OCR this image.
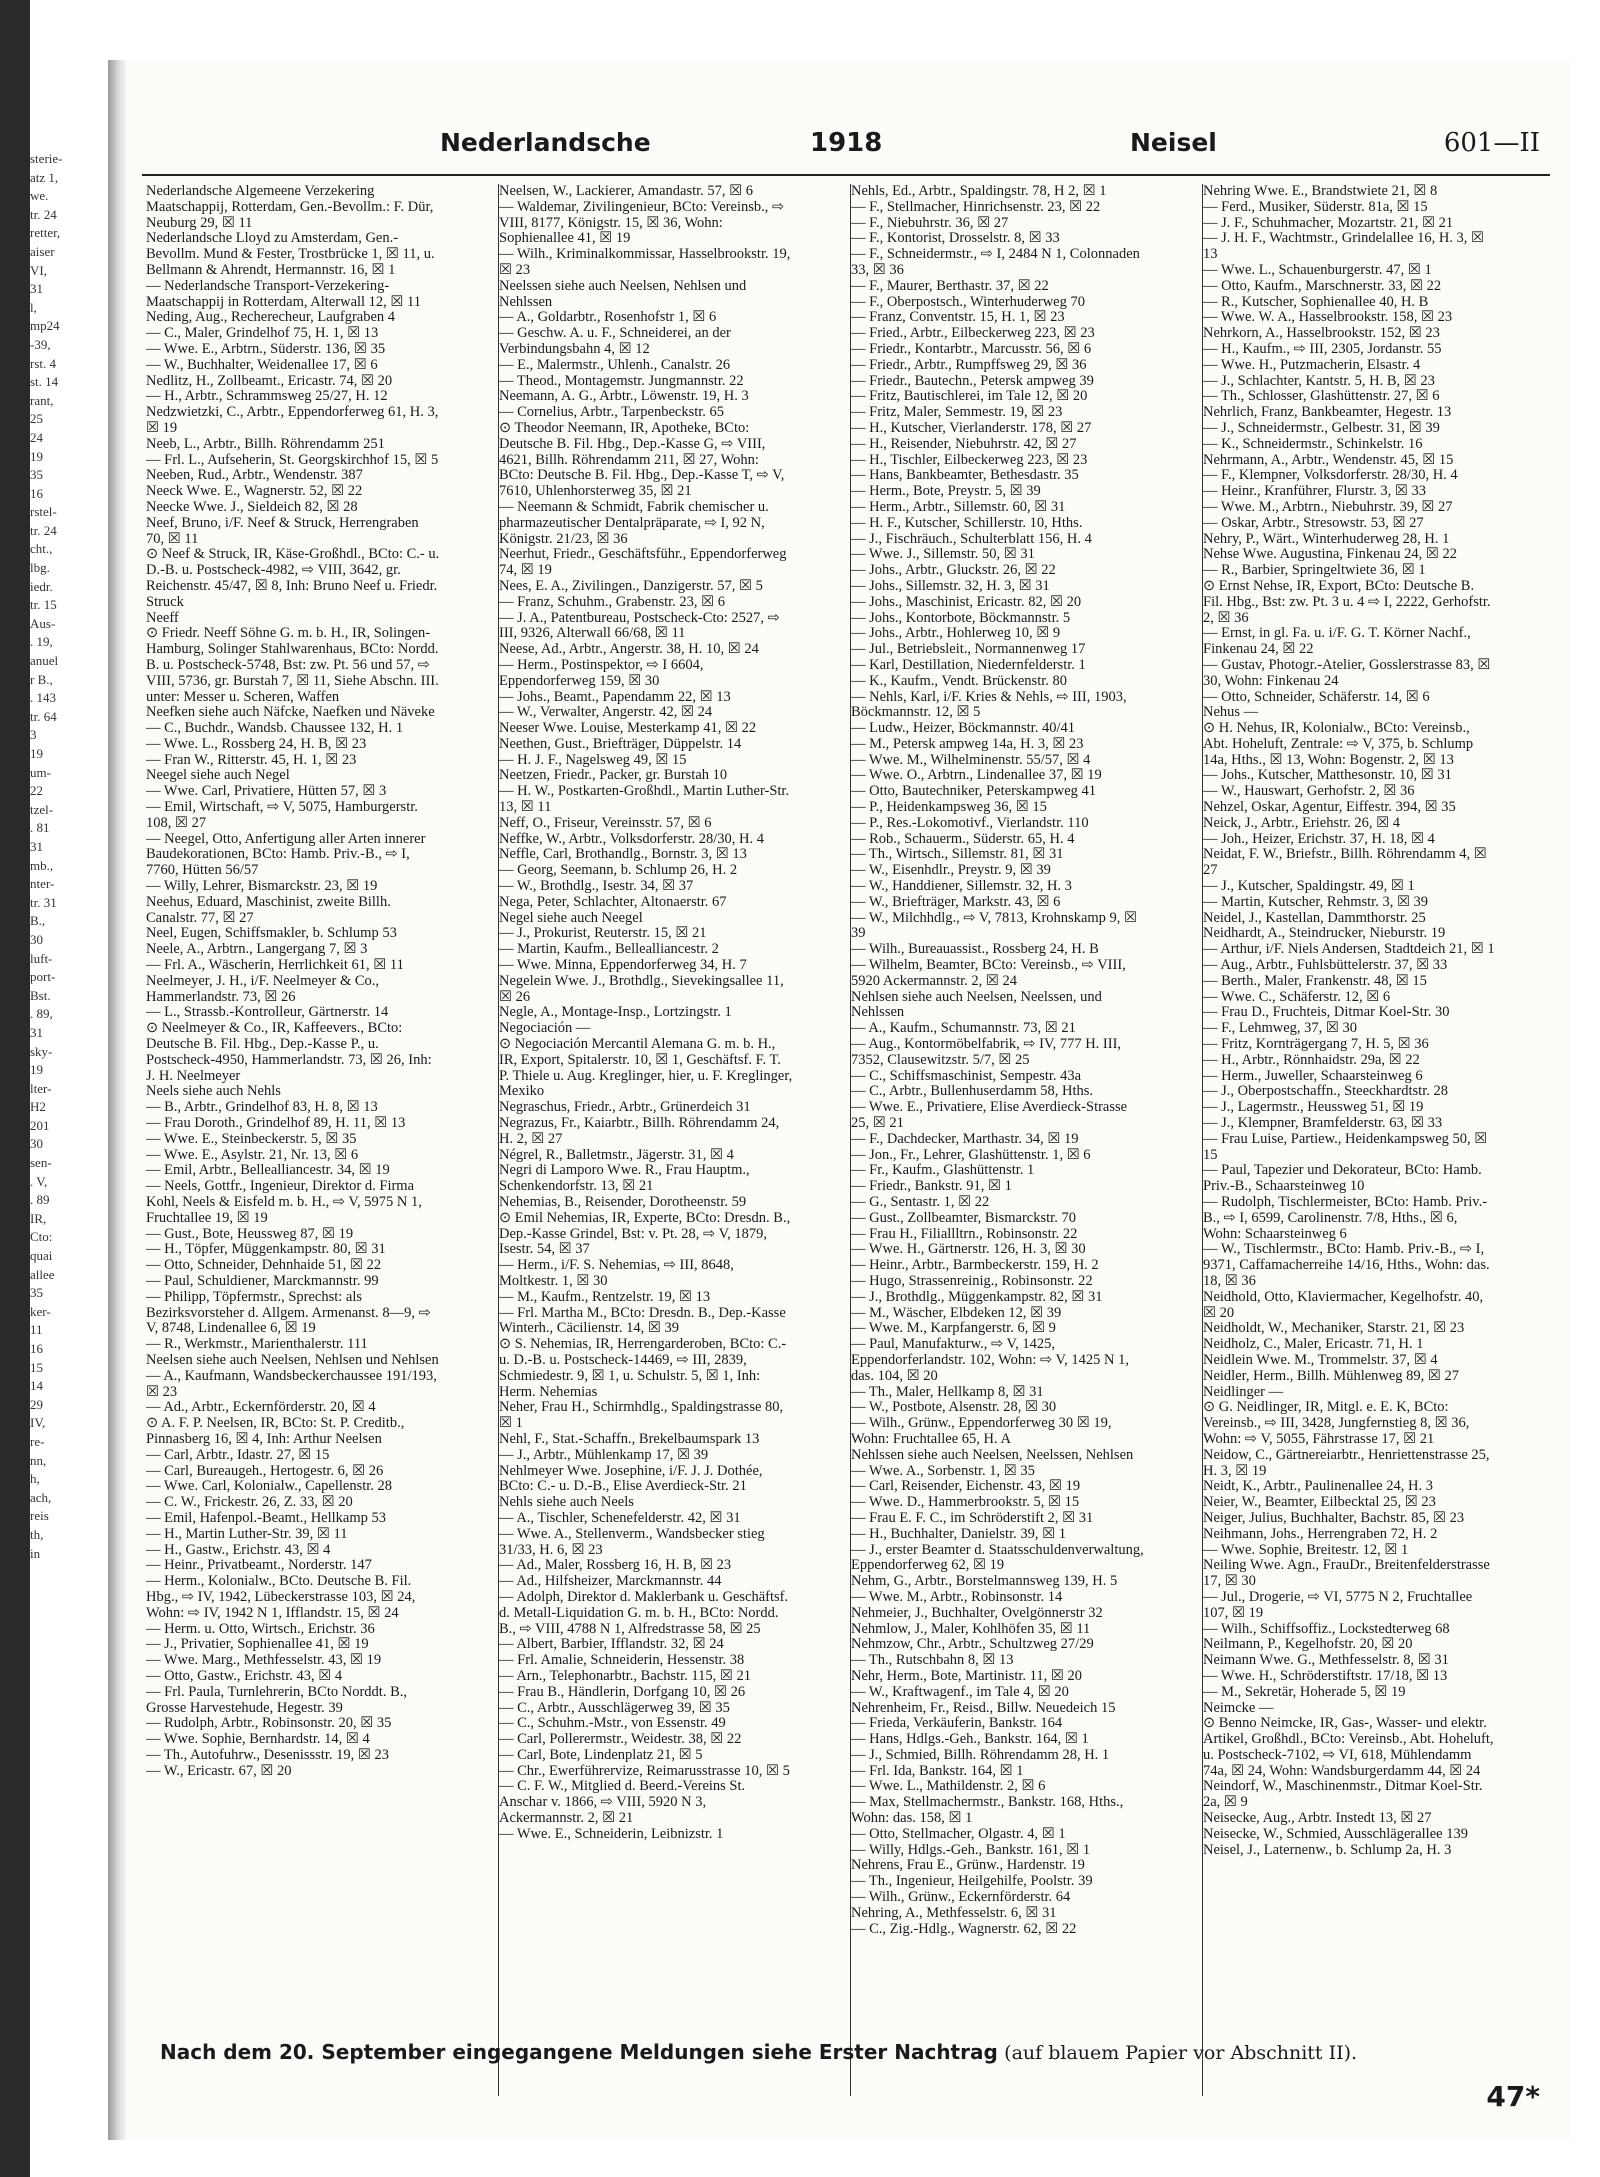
sterie-
atz 1,
we.
tr. 24
retter,
aiser
VI,
31
l,
mp24
-39,
rst. 4
st. 14
rant,
25
24
19
35
16
rstel-
tr. 24
cht.,
lbg.
iedr.
tr. 15
Aus-
. 19,
anuel
r B.,
. 143
tr. 64
3
19
um-
22
tzel-
. 81
31
mb.,
nter-
tr. 31
B.,
30
luft-
port-
Bst.
. 89,
31
sky-
19
lter-
H2
201
30
sen-
. V,
. 89
IR,
Cto:
quai
allee
35
ker-
11
16
15
14
29
IV,
re-
nn,
h,
ach,
reis
th,
in
Nederlandsche	1918	Neisel	601—II

Nederlandsche Algemeene Verzekering Maatschappij, Rotterdam, Gen.-Bevollm.: F. Dür, Neuburg 29, ☒ 11

Nederlandsche Lloyd zu Amsterdam, Gen.-Bevollm. Mund & Fester, Trostbrücke 1, ☒ 11, u. Bellmann & Ahrendt, Hermannstr. 16, ☒ 1

— Nederlandsche Transport-Verzekering-Maatschappij in Rotterdam, Alterwall 12, ☒ 11

Neding, Aug., Recherecheur, Laufgraben 4

— C., Maler, Grindelhof 75, H. 1, ☒ 13

— Wwe. E., Arbtrn., Süderstr. 136, ☒ 35

— W., Buchhalter, Weidenallee 17, ☒ 6

Nedlitz, H., Zollbeamt., Ericastr. 74, ☒ 20

— H., Arbtr., Schrammsweg 25/27, H. 12

Nedzwietzki, C., Arbtr., Eppendorferweg 61, H. 3, ☒ 19

Neeb, L., Arbtr., Billh. Röhrendamm 251

— Frl. L., Aufseherin, St. Georgskirchhof 15, ☒ 5

Neeben, Rud., Arbtr., Wendenstr. 387

Neeck Wwe. E., Wagnerstr. 52, ☒ 22

Neecke Wwe. J., Sieldeich 82, ☒ 28

Neef, Bruno, i/F. Neef & Struck, Herrengraben 70, ☒ 11

⊙ Neef & Struck, IR, Käse-Großhdl., BCto: C.- u. D.-B. u. Postscheck-4982, ⇨ VIII, 3642, gr. Reichenstr. 45/47, ☒ 8, Inh: Bruno Neef u. Friedr. Struck

Neeff

⊙ Friedr. Neeff Söhne G. m. b. H., IR, Solingen-Hamburg, Solinger Stahlwarenhaus, BCto: Nordd. B. u. Postscheck-5748, Bst: zw. Pt. 56 und 57, ⇨ VIII, 5736, gr. Burstah 7, ☒ 11, Siehe Abschn. III. unter: Messer u. Scheren, Waffen

Neefken siehe auch Näfcke, Naefken und Näveke

— C., Buchdr., Wandsb. Chaussee 132, H. 1

— Wwe. L., Rossberg 24, H. B, ☒ 23

— Fran W., Ritterstr. 45, H. 1, ☒ 23

Neegel siehe auch Negel

— Wwe. Carl, Privatiere, Hütten 57, ☒ 3

— Emil, Wirtschaft, ⇨ V, 5075, Hamburgerstr. 108, ☒ 27

— Neegel, Otto, Anfertigung aller Arten innerer Baudekorationen, BCto: Hamb. Priv.-B., ⇨ I, 7760, Hütten 56/57

— Willy, Lehrer, Bismarckstr. 23, ☒ 19

Neehus, Eduard, Maschinist, zweite Billh. Canalstr. 77, ☒ 27

Neel, Eugen, Schiffsmakler, b. Schlump 53

Neele, A., Arbtrn., Langergang 7, ☒ 3

— Frl. A., Wäscherin, Herrlichkeit 61, ☒ 11

Neelmeyer, J. H., i/F. Neelmeyer & Co., Hammerlandstr. 73, ☒ 26

— L., Strassb.-Kontrolleur, Gärtnerstr. 14

⊙ Neelmeyer & Co., IR, Kaffeevers., BCto: Deutsche B. Fil. Hbg., Dep.-Kasse P., u. Postscheck-4950, Hammerlandstr. 73, ☒ 26, Inh: J. H. Neelmeyer

Neels siehe auch Nehls

— B., Arbtr., Grindelhof 83, H. 8, ☒ 13

— Frau Doroth., Grindelhof 89, H. 11, ☒ 13

— Wwe. E., Steinbeckerstr. 5, ☒ 35

— Wwe. E., Asylstr. 21, Nr. 13, ☒ 6

— Emil, Arbtr., Bellealliancestr. 34, ☒ 19

— Neels, Gottfr., Ingenieur, Direktor d. Firma Kohl, Neels & Eisfeld m. b. H., ⇨ V, 5975 N 1, Fruchtallee 19, ☒ 19

— Gust., Bote, Heussweg 87, ☒ 19

— H., Töpfer, Müggenkampstr. 80, ☒ 31

— Otto, Schneider, Dehnhaide 51, ☒ 22

— Paul, Schuldiener, Marckmannstr. 99

— Philipp, Töpfermstr., Sprechst: als Bezirksvorsteher d. Allgem. Armenanst. 8—9, ⇨ V, 8748, Lindenallee 6, ☒ 19

— R., Werkmstr., Marienthalerstr. 111

Neelsen siehe auch Neelsen, Nehlsen und Nehlsen

— A., Kaufmann, Wandsbeckerchaussee 191/193, ☒ 23

— Ad., Arbtr., Eckernförderstr. 20, ☒ 4

⊙ A. F. P. Neelsen, IR, BCto: St. P. Creditb., Pinnasberg 16, ☒ 4, Inh: Arthur Neelsen

— Carl, Arbtr., Idastr. 27, ☒ 15

— Carl, Bureaugeh., Hertogestr. 6, ☒ 26

— Wwe. Carl, Kolonialw., Capellenstr. 28

— C. W., Frickestr. 26, Z. 33, ☒ 20

— Emil, Hafenpol.-Beamt., Hellkamp 53

— H., Martin Luther-Str. 39, ☒ 11

— H., Gastw., Erichstr. 43, ☒ 4

— Heinr., Privatbeamt., Norderstr. 147

— Herm., Kolonialw., BCto. Deutsche B. Fil. Hbg., ⇨ IV, 1942, Lübeckerstrasse 103, ☒ 24, Wohn: ⇨ IV, 1942 N 1, Ifflandstr. 15, ☒ 24

— Herm. u. Otto, Wirtsch., Erichstr. 36

— J., Privatier, Sophienallee 41, ☒ 19

— Wwe. Marg., Methfesselstr. 43, ☒ 19

— Otto, Gastw., Erichstr. 43, ☒ 4

— Frl. Paula, Turnlehrerin, BCto Norddt. B., Grosse Harvestehude, Hegestr. 39

— Rudolph, Arbtr., Robinsonstr. 20, ☒ 35

— Wwe. Sophie, Bernhardstr. 14, ☒ 4

— Th., Autofuhrw., Desenissstr. 19, ☒ 23

— W., Ericastr. 67, ☒ 20

Neelsen, W., Lackierer, Amandastr. 57, ☒ 6

— Waldemar, Zivilingenieur, BCto: Vereinsb., ⇨ VIII, 8177, Königstr. 15, ☒ 36, Wohn: Sophienallee 41, ☒ 19

— Wilh., Kriminalkommissar, Hasselbrookstr. 19, ☒ 23

Neelssen siehe auch Neelsen, Nehlsen und Nehlssen

— A., Goldarbtr., Rosenhofstr 1, ☒ 6

— Geschw. A. u. F., Schneiderei, an der Verbindungsbahn 4, ☒ 12

— E., Malermstr., Uhlenh., Canalstr. 26

— Theod., Montagemstr. Jungmannstr. 22

Neemann, A. G., Arbtr., Löwenstr. 19, H. 3

— Cornelius, Arbtr., Tarpenbeckstr. 65

⊙ Theodor Neemann, IR, Apotheke, BCto: Deutsche B. Fil. Hbg., Dep.-Kasse G, ⇨ VIII, 4621, Billh. Röhrendamm 211, ☒ 27, Wohn: BCto: Deutsche B. Fil. Hbg., Dep.-Kasse T, ⇨ V, 7610, Uhlenhorsterweg 35, ☒ 21

— Neemann & Schmidt, Fabrik chemischer u. pharmazeutischer Dentalpräparate, ⇨ I, 92 N, Königstr. 21/23, ☒ 36

Neerhut, Friedr., Geschäftsführ., Eppendorferweg 74, ☒ 19

Nees, E. A., Zivilingen., Danzigerstr. 57, ☒ 5

— Franz, Schuhm., Grabenstr. 23, ☒ 6

— J. A., Patentbureau, Postscheck-Cto: 2527, ⇨ III, 9326, Alterwall 66/68, ☒ 11

Neese, Ad., Arbtr., Angerstr. 38, H. 10, ☒ 24

— Herm., Postinspektor, ⇨ I 6604, Eppendorferweg 159, ☒ 30

— Johs., Beamt., Papendamm 22, ☒ 13

— W., Verwalter, Angerstr. 42, ☒ 24

Neeser Wwe. Louise, Mesterkamp 41, ☒ 22

Neethen, Gust., Briefträger, Düppelstr. 14

— H. J. F., Nagelsweg 49, ☒ 15

Neetzen, Friedr., Packer, gr. Burstah 10

— H. W., Postkarten-Großhdl., Martin Luther-Str. 13, ☒ 11

Neff, O., Friseur, Vereinsstr. 57, ☒ 6

Neffke, W., Arbtr., Volksdorferstr. 28/30, H. 4

Neffle, Carl, Brothandlg., Bornstr. 3, ☒ 13

— Georg, Seemann, b. Schlump 26, H. 2

— W., Brothdlg., Isestr. 34, ☒ 37

Nega, Peter, Schlachter, Altonaerstr. 67

Negel siehe auch Neegel

— J., Prokurist, Reuterstr. 15, ☒ 21

— Martin, Kaufm., Bellealliancestr. 2

— Wwe. Minna, Eppendorferweg 34, H. 7

Negelein Wwe. J., Brothdlg., Sievekingsallee 11, ☒ 26

Negle, A., Montage-Insp., Lortzingstr. 1

Negociación —

⊙ Negociación Mercantil Alemana G. m. b. H., IR, Export, Spitalerstr. 10, ☒ 1, Geschäftsf. F. T. P. Thiele u. Aug. Kreglinger, hier, u. F. Kreglinger, Mexiko

Negraschus, Friedr., Arbtr., Grünerdeich 31

Negrazus, Fr., Kaiarbtr., Billh. Röhrendamm 24, H. 2, ☒ 27

Négrel, R., Balletmstr., Jägerstr. 31, ☒ 4

Negri di Lamporo Wwe. R., Frau Hauptm., Schenkendorfstr. 13, ☒ 21

Nehemias, B., Reisender, Dorotheenstr. 59

⊙ Emil Nehemias, IR, Experte, BCto: Dresdn. B., Dep.-Kasse Grindel, Bst: v. Pt. 28, ⇨ V, 1879, Isestr. 54, ☒ 37

— Herm., i/F. S. Nehemias, ⇨ III, 8648, Moltkestr. 1, ☒ 30

— M., Kaufm., Rentzelstr. 19, ☒ 13

— Frl. Martha M., BCto: Dresdn. B., Dep.-Kasse Winterh., Cäcilienstr. 14, ☒ 39

⊙ S. Nehemias, IR, Herrengarderoben, BCto: C.- u. D.-B. u. Postscheck-14469, ⇨ III, 2839, Schmiedestr. 9, ☒ 1, u. Schulstr. 5, ☒ 1, Inh: Herm. Nehemias

Neher, Frau H., Schirmhdlg., Spaldingstrasse 80, ☒ 1

Nehl, F., Stat.-Schaffn., Brekelbaumspark 13

— J., Arbtr., Mühlenkamp 17, ☒ 39

Nehlmeyer Wwe. Josephine, i/F. J. J. Dothée, BCto: C.- u. D.-B., Elise Averdieck-Str. 21

Nehls siehe auch Neels

— A., Tischler, Schenefelderstr. 42, ☒ 31

— Wwe. A., Stellenverm., Wandsbecker stieg 31/33, H. 6, ☒ 23

— Ad., Maler, Rossberg 16, H. B, ☒ 23

— Ad., Hilfsheizer, Marckmannstr. 44

— Adolph, Direktor d. Maklerbank u. Geschäftsf. d. Metall-Liquidation G. m. b. H., BCto: Nordd. B., ⇨ VIII, 4788 N 1, Alfredstrasse 58, ☒ 25

— Albert, Barbier, Ifflandstr. 32, ☒ 24

— Frl. Amalie, Schneiderin, Hessenstr. 38

— Arn., Telephonarbtr., Bachstr. 115, ☒ 21

— Frau B., Händlerin, Dorfgang 10, ☒ 26

— C., Arbtr., Ausschlägerweg 39, ☒ 35

— C., Schuhm.-Mstr., von Essenstr. 49

— Carl, Pollerermstr., Weidestr. 38, ☒ 22

— Carl, Bote, Lindenplatz 21, ☒ 5

— Chr., Ewerführervize, Reimarusstrasse 10, ☒ 5

— C. F. W., Mitglied d. Beerd.-Vereins St. Anschar v. 1866, ⇨ VIII, 5920 N 3, Ackermannstr. 2, ☒ 21

— Wwe. E., Schneiderin, Leibnizstr. 1

Nehls, Ed., Arbtr., Spaldingstr. 78, H 2, ☒ 1

— F., Stellmacher, Hinrichsenstr. 23, ☒ 22

— F., Niebuhrstr. 36, ☒ 27

— F., Kontorist, Drosselstr. 8, ☒ 33

— F., Schneidermstr., ⇨ I, 2484 N 1, Colonnaden 33, ☒ 36

— F., Maurer, Berthastr. 37, ☒ 22

— F., Oberpostsch., Winterhuderweg 70

— Franz, Conventstr. 15, H. 1, ☒ 23

— Fried., Arbtr., Eilbeckerweg 223, ☒ 23

— Friedr., Kontarbtr., Marcusstr. 56, ☒ 6

— Friedr., Arbtr., Rumpffsweg 29, ☒ 36

— Friedr., Bautechn., Petersk ampweg 39

— Fritz, Bautischlerei, im Tale 12, ☒ 20

— Fritz, Maler, Semmestr. 19, ☒ 23

— H., Kutscher, Vierlanderstr. 178, ☒ 27

— H., Reisender, Niebuhrstr. 42, ☒ 27

— H., Tischler, Eilbeckerweg 223, ☒ 23

— Hans, Bankbeamter, Bethesdastr. 35

— Herm., Bote, Preystr. 5, ☒ 39

— Herm., Arbtr., Sillemstr. 60, ☒ 31

— H. F., Kutscher, Schillerstr. 10, Hths.

— J., Fischräuch., Schulterblatt 156, H. 4

— Wwe. J., Sillemstr. 50, ☒ 31

— Johs., Arbtr., Gluckstr. 26, ☒ 22

— Johs., Sillemstr. 32, H. 3, ☒ 31

— Johs., Maschinist, Ericastr. 82, ☒ 20

— Johs., Kontorbote, Böckmannstr. 5

— Johs., Arbtr., Hohlerweg 10, ☒ 9

— Jul., Betriebsleit., Normannenweg 17

— Karl, Destillation, Niedernfelderstr. 1

— K., Kaufm., Vendt. Brückenstr. 80

— Nehls, Karl, i/F. Kries & Nehls, ⇨ III, 1903, Böckmannstr. 12, ☒ 5

— Ludw., Heizer, Böckmannstr. 40/41

— M., Petersk ampweg 14a, H. 3, ☒ 23

— Wwe. M., Wilhelminenstr. 55/57, ☒ 4

— Wwe. O., Arbtrn., Lindenallee 37, ☒ 19

— Otto, Bautechniker, Peterskampweg 41

— P., Heidenkampsweg 36, ☒ 15

— P., Res.-Lokomotivf., Vierlandstr. 110

— Rob., Schauerm., Süderstr. 65, H. 4

— Th., Wirtsch., Sillemstr. 81, ☒ 31

— W., Eisenhdlr., Preystr. 9, ☒ 39

— W., Handdiener, Sillemstr. 32, H. 3

— W., Briefträger, Markstr. 43, ☒ 6

— W., Milchhdlg., ⇨ V, 7813, Krohnskamp 9, ☒ 39

— Wilh., Bureauassist., Rossberg 24, H. B

— Wilhelm, Beamter, BCto: Vereinsb., ⇨ VIII, 5920 Ackermannstr. 2, ☒ 24

Nehlsen siehe auch Neelsen, Neelssen, und Nehlssen

— A., Kaufm., Schumannstr. 73, ☒ 21

— Aug., Kontormöbelfabrik, ⇨ IV, 777 H. III, 7352, Clausewitzstr. 5/7, ☒ 25

— C., Schiffsmaschinist, Sempestr. 43a

— C., Arbtr., Bullenhuserdamm 58, Hths.

— Wwe. E., Privatiere, Elise Averdieck-Strasse 25, ☒ 21

— F., Dachdecker, Marthastr. 34, ☒ 19

— Jon., Fr., Lehrer, Glashüttenstr. 1, ☒ 6

— Fr., Kaufm., Glashüttenstr. 1

— Friedr., Bankstr. 91, ☒ 1

— G., Sentastr. 1, ☒ 22

— Gust., Zollbeamter, Bismarckstr. 70

— Frau H., Filiallltrn., Robinsonstr. 22

— Wwe. H., Gärtnerstr. 126, H. 3, ☒ 30

— Heinr., Arbtr., Barmbeckerstr. 159, H. 2

— Hugo, Strassenreinig., Robinsonstr. 22

— J., Brothdlg., Müggenkampstr. 82, ☒ 31

— M., Wäscher, Elbdeken 12, ☒ 39

— Wwe. M., Karpfangerstr. 6, ☒ 9

— Paul, Manufakturw., ⇨ V, 1425, Eppendorferlandstr. 102, Wohn: ⇨ V, 1425 N 1, das. 104, ☒ 20

— Th., Maler, Hellkamp 8, ☒ 31

— W., Postbote, Alsenstr. 28, ☒ 30

— Wilh., Grünw., Eppendorferweg 30 ☒ 19, Wohn: Fruchtallee 65, H. A

Nehlssen siehe auch Neelsen, Neelssen, Nehlsen

— Wwe. A., Sorbenstr. 1, ☒ 35

— Carl, Reisender, Eichenstr. 43, ☒ 19

— Wwe. D., Hammerbrookstr. 5, ☒ 15

— Frau E. F. C., im Schröderstift 2, ☒ 31

— H., Buchhalter, Danielstr. 39, ☒ 1

— J., erster Beamter d. Staatsschuldenverwaltung, Eppendorferweg 62, ☒ 19

Nehm, G., Arbtr., Borstelmannsweg 139, H. 5

— Wwe. M., Arbtr., Robinsonstr. 14

Nehmeier, J., Buchhalter, Ovelgönnerstr 32

Nehmlow, J., Maler, Kohlhöfen 35, ☒ 11

Nehmzow, Chr., Arbtr., Schultzweg 27/29

— Th., Rutschbahn 8, ☒ 13

Nehr, Herm., Bote, Martinistr. 11, ☒ 20

— W., Kraftwagenf., im Tale 4, ☒ 20

Nehrenheim, Fr., Reisd., Billw. Neuedeich 15

— Frieda, Verkäuferin, Bankstr. 164

— Hans, Hdlgs.-Geh., Bankstr. 164, ☒ 1

— J., Schmied, Billh. Röhrendamm 28, H. 1

— Frl. Ida, Bankstr. 164, ☒ 1

— Wwe. L., Mathildenstr. 2, ☒ 6

— Max, Stellmachermstr., Bankstr. 168, Hths., Wohn: das. 158, ☒ 1

— Otto, Stellmacher, Olgastr. 4, ☒ 1

— Willy, Hdlgs.-Geh., Bankstr. 161, ☒ 1

Nehrens, Frau E., Grünw., Hardenstr. 19

— Th., Ingenieur, Heilgehilfe, Poolstr. 39

— Wilh., Grünw., Eckernförderstr. 64

Nehring, A., Methfesselstr. 6, ☒ 31

— C., Zig.-Hdlg., Wagnerstr. 62, ☒ 22

Nehring Wwe. E., Brandstwiete 21, ☒ 8

— Ferd., Musiker, Süderstr. 81a, ☒ 15

— J. F., Schuhmacher, Mozartstr. 21, ☒ 21

— J. H. F., Wachtmstr., Grindelallee 16, H. 3, ☒ 13

— Wwe. L., Schauenburgerstr. 47, ☒ 1

— Otto, Kaufm., Marschnerstr. 33, ☒ 22

— R., Kutscher, Sophienallee 40, H. B

— Wwe. W. A., Hasselbrookstr. 158, ☒ 23

Nehrkorn, A., Hasselbrookstr. 152, ☒ 23

— H., Kaufm., ⇨ III, 2305, Jordanstr. 55

— Wwe. H., Putzmacherin, Elsastr. 4

— J., Schlachter, Kantstr. 5, H. B, ☒ 23

— Th., Schlosser, Glashüttenstr. 27, ☒ 6

Nehrlich, Franz, Bankbeamter, Hegestr. 13

— J., Schneidermstr., Gelbestr. 31, ☒ 39

— K., Schneidermstr., Schinkelstr. 16

Nehrmann, A., Arbtr., Wendenstr. 45, ☒ 15

— F., Klempner, Volksdorferstr. 28/30, H. 4

— Heinr., Kranführer, Flurstr. 3, ☒ 33

— Wwe. M., Arbtrn., Niebuhrstr. 39, ☒ 27

— Oskar, Arbtr., Stresowstr. 53, ☒ 27

Nehry, P., Wärt., Winterhuderweg 28, H. 1

Nehse Wwe. Augustina, Finkenau 24, ☒ 22

— R., Barbier, Springeltwiete 36, ☒ 1

⊙ Ernst Nehse, IR, Export, BCto: Deutsche B. Fil. Hbg., Bst: zw. Pt. 3 u. 4 ⇨ I, 2222, Gerhofstr. 2, ☒ 36

— Ernst, in gl. Fa. u. i/F. G. T. Körner Nachf., Finkenau 24, ☒ 22

— Gustav, Photogr.-Atelier, Gosslerstrasse 83, ☒ 30, Wohn: Finkenau 24

— Otto, Schneider, Schäferstr. 14, ☒ 6

Nehus —

⊙ H. Nehus, IR, Kolonialw., BCto: Vereinsb., Abt. Hoheluft, Zentrale: ⇨ V, 375, b. Schlump 14a, Hths., ☒ 13, Wohn: Bogenstr. 2, ☒ 13

— Johs., Kutscher, Matthesonstr. 10, ☒ 31

— W., Hauswart, Gerhofstr. 2, ☒ 36

Nehzel, Oskar, Agentur, Eiffestr. 394, ☒ 35

Neick, J., Arbtr., Eriehstr. 26, ☒ 4

— Joh., Heizer, Erichstr. 37, H. 18, ☒ 4

Neidat, F. W., Briefstr., Billh. Röhrendamm 4, ☒ 27

— J., Kutscher, Spaldingstr. 49, ☒ 1

— Martin, Kutscher, Rehmstr. 3, ☒ 39

Neidel, J., Kastellan, Dammthorstr. 25

Neidhardt, A., Steindrucker, Nieburstr. 19

— Arthur, i/F. Niels Andersen, Stadtdeich 21, ☒ 1

— Aug., Arbtr., Fuhlsbüttelerstr. 37, ☒ 33

— Berth., Maler, Frankenstr. 48, ☒ 15

— Wwe. C., Schäferstr. 12, ☒ 6

— Frau D., Fruchteis, Ditmar Koel-Str. 30

— F., Lehmweg, 37, ☒ 30

— Fritz, Kornträgergang 7, H. 5, ☒ 36

— H., Arbtr., Rönnhaidstr. 29a, ☒ 22

— Herm., Juweller, Schaarsteinweg 6

— J., Oberpostschaffn., Steeckhardtstr. 28

— J., Lagermstr., Heussweg 51, ☒ 19

— J., Klempner, Bramfelderstr. 63, ☒ 33

— Frau Luise, Partiew., Heidenkampsweg 50, ☒ 15

— Paul, Tapezier und Dekorateur, BCto: Hamb. Priv.-B., Schaarsteinweg 10

— Rudolph, Tischlermeister, BCto: Hamb. Priv.-B., ⇨ I, 6599, Carolinenstr. 7/8, Hths., ☒ 6, Wohn: Schaarsteinweg 6

— W., Tischlermstr., BCto: Hamb. Priv.-B., ⇨ I, 9371, Caffamacherreihe 14/16, Hths., Wohn: das. 18, ☒ 36

Neidhold, Otto, Klaviermacher, Kegelhofstr. 40, ☒ 20

Neidholdt, W., Mechaniker, Starstr. 21, ☒ 23

Neidholz, C., Maler, Ericastr. 71, H. 1

Neidlein Wwe. M., Trommelstr. 37, ☒ 4

Neidler, Herm., Billh. Mühlenweg 89, ☒ 27

Neidlinger —

⊙ G. Neidlinger, IR, Mitgl. e. E. K, BCto: Vereinsb., ⇨ III, 3428, Jungfernstieg 8, ☒ 36, Wohn: ⇨ V, 5055, Fährstrasse 17, ☒ 21

Neidow, C., Gärtnereiarbtr., Henriettenstrasse 25, H. 3, ☒ 19

Neidt, K., Arbtr., Paulinenallee 24, H. 3

Neier, W., Beamter, Eilbecktal 25, ☒ 23

Neiger, Julius, Buchhalter, Bachstr. 85, ☒ 23

Neihmann, Johs., Herrengraben 72, H. 2

— Wwe. Sophie, Breitestr. 12, ☒ 1

Neiling Wwe. Agn., FrauDr., Breitenfelderstrasse 17, ☒ 30

— Jul., Drogerie, ⇨ VI, 5775 N 2, Fruchtallee 107, ☒ 19

— Wilh., Schiffsoffiz., Lockstedterweg 68

Neilmann, P., Kegelhofstr. 20, ☒ 20

Neimann Wwe. G., Methfesselstr. 8, ☒ 31

— Wwe. H., Schröderstiftstr. 17/18, ☒ 13

— M., Sekretär, Hoherade 5, ☒ 19

Neimcke —

⊙ Benno Neimcke, IR, Gas-, Wasser- und elektr. Artikel, Großhdl., BCto: Vereinsb., Abt. Hoheluft, u. Postscheck-7102, ⇨ VI, 618, Mühlendamm 74a, ☒ 24, Wohn: Wandsburgerdamm 44, ☒ 24

Neindorf, W., Maschinenmstr., Ditmar Koel-Str. 2a, ☒ 9

Neisecke, Aug., Arbtr. Instedt 13, ☒ 27

Neisecke, W., Schmied, Ausschlägerallee 139

Neisel, J., Laternenw., b. Schlump 2a, H. 3

Nach dem 20. September eingegangene Meldungen siehe Erster Nachtrag (auf blauem Papier vor Abschnitt II).
47*
